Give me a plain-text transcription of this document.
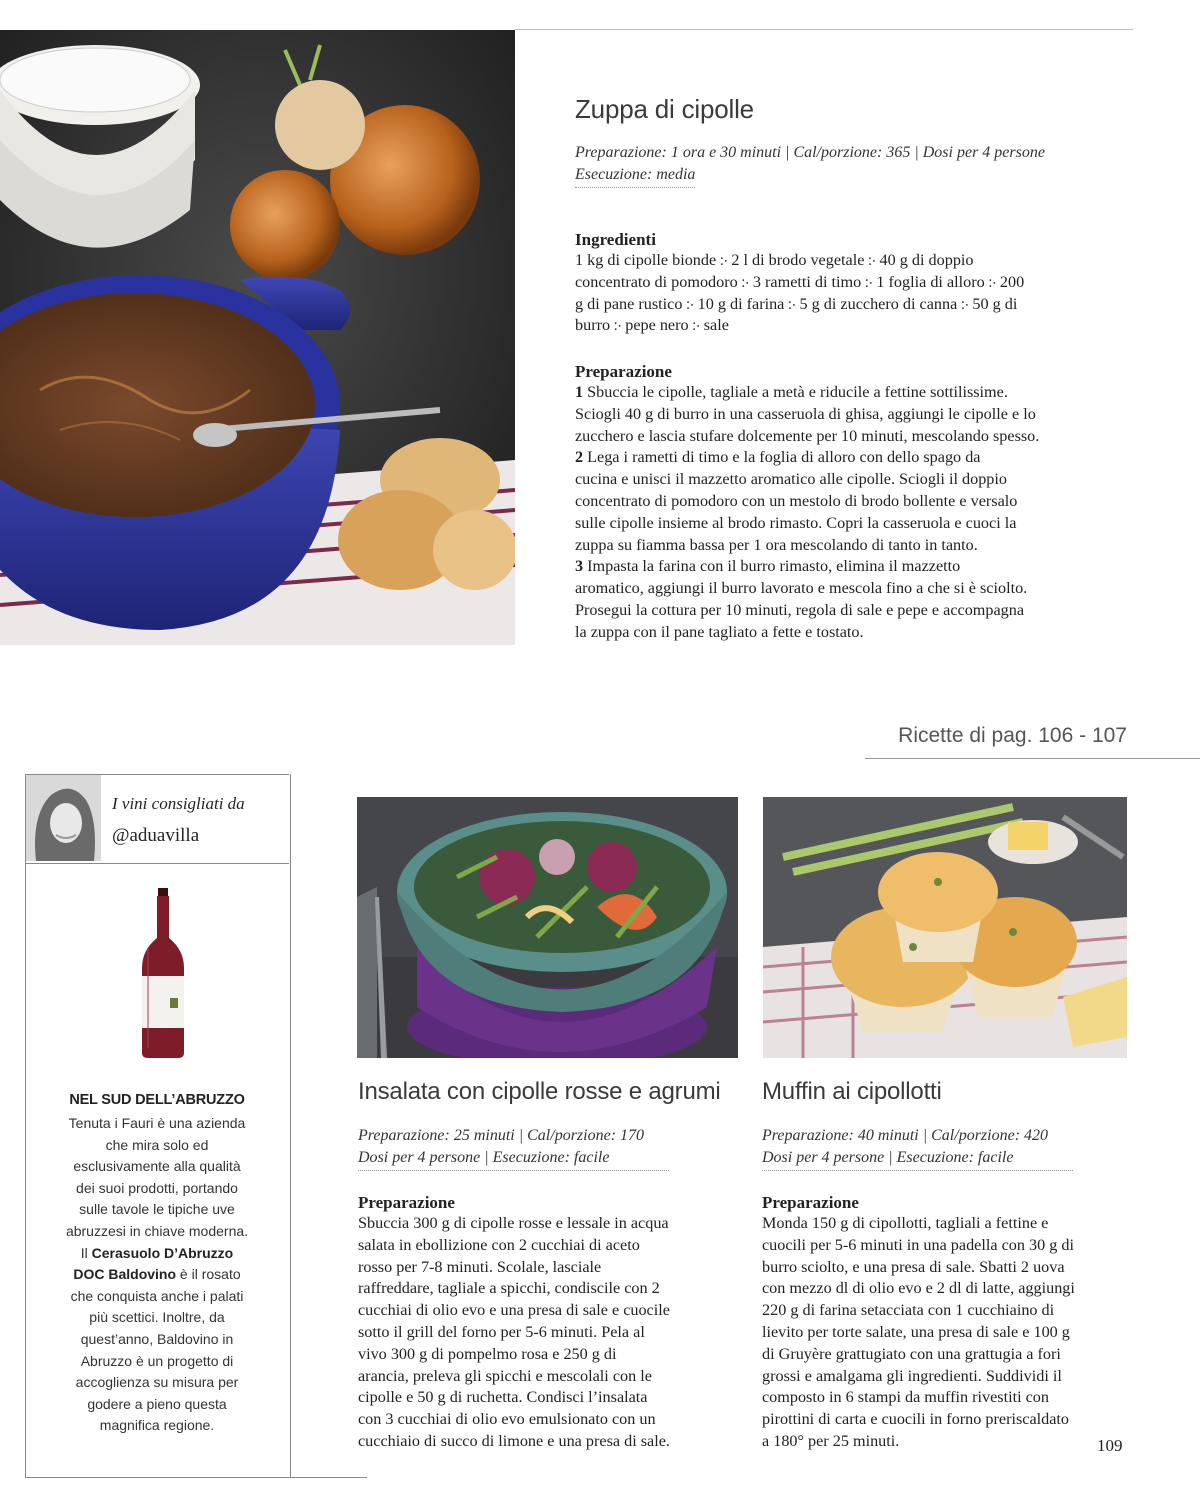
Zuppa di cipolle
Preparazione: 1 ora e 30 minuti | Cal/porzione: 365 | Dosi per 4 persone
Esecuzione: media
Ingredienti
1 kg di cipolle bionde ჻ 2 l di brodo vegetale ჻ 40 g di doppio
concentrato di pomodoro ჻ 3 rametti di timo ჻ 1 foglia di alloro ჻ 200
g di pane rustico ჻ 10 g di farina ჻ 5 g di zucchero di canna ჻ 50 g di
burro ჻ pepe nero ჻ sale
Preparazione
1 Sbuccia le cipolle, tagliale a metà e riducile a fettine sottilissime.
Sciogli 40 g di burro in una casseruola di ghisa, aggiungi le cipolle e lo
zucchero e lascia stufare dolcemente per 10 minuti, mescolando spesso.
2 Lega i rametti di timo e la foglia di alloro con dello spago da
cucina e unisci il mazzetto aromatico alle cipolle. Sciogli il doppio
concentrato di pomodoro con un mestolo di brodo bollente e versalo
sulle cipolle insieme al brodo rimasto. Copri la casseruola e cuoci la
zuppa su fiamma bassa per 1 ora mescolando di tanto in tanto.
3 Impasta la farina con il burro rimasto, elimina il mazzetto
aromatico, aggiungi il burro lavorato e mescola fino a che si è sciolto.
Prosegui la cottura per 10 minuti, regola di sale e pepe e accompagna
la zuppa con il pane tagliato a fette e tostato.
Ricette di pag. 106 - 107
I vini consigliati da
@aduavilla
NEL SUD DELL’ABRUZZO
Tenuta i Fauri è una azienda
che mira solo ed
esclusivamente alla qualità
dei suoi prodotti, portando
sulle tavole le tipiche uve
abruzzesi in chiave moderna.
Il Cerasuolo D’Abruzzo
DOC Baldovino è il rosato
che conquista anche i palati
più scettici. Inoltre, da
quest’anno, Baldovino in
Abruzzo è un progetto di
accoglienza su misura per
godere a pieno questa
magnifica regione.
Insalata con cipolle rosse e agrumi
Preparazione: 25 minuti | Cal/porzione: 170
Dosi per 4 persone | Esecuzione: facile
Preparazione
Sbuccia 300 g di cipolle rosse e lessale in acqua
salata in ebollizione con 2 cucchiai di aceto
rosso per 7-8 minuti. Scolale, lasciale
raffreddare, tagliale a spicchi, condiscile con 2
cucchiai di olio evo e una presa di sale e cuocile
sotto il grill del forno per 5-6 minuti. Pela al
vivo 300 g di pompelmo rosa e 250 g di
arancia, preleva gli spicchi e mescolali con le
cipolle e 50 g di ruchetta. Condisci l’insalata
con 3 cucchiai di olio evo emulsionato con un
cucchiaio di succo di limone e una presa di sale.
Muffin ai cipollotti
Preparazione: 40 minuti | Cal/porzione: 420
Dosi per 4 persone | Esecuzione: facile
Preparazione
Monda 150 g di cipollotti, tagliali a fettine e
cuocili per 5-6 minuti in una padella con 30 g di
burro sciolto, e una presa di sale. Sbatti 2 uova
con mezzo dl di olio evo e 2 dl di latte, aggiungi
220 g di farina setacciata con 1 cucchiaino di
lievito per torte salate, una presa di sale e 100 g
di Gruyère grattugiato con una grattugia a fori
grossi e amalgama gli ingredienti. Suddividi il
composto in 6 stampi da muffin rivestiti con
pirottini di carta e cuocili in forno preriscaldato
a 180° per 25 minuti.	109
